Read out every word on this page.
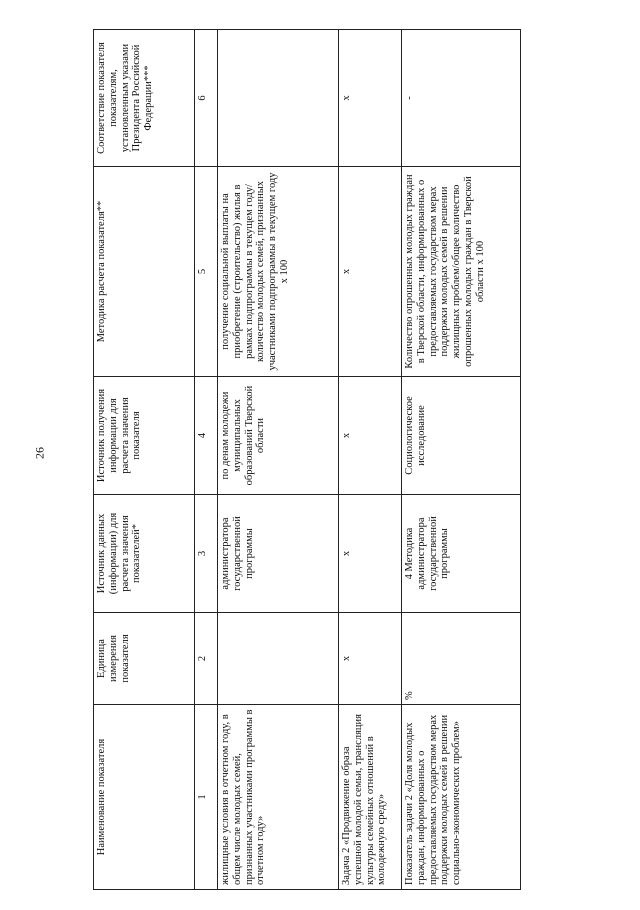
26
Наименование показателя	Единица измерения показателя	Источник данных (информации) для расчета значения показателей*	Источник получения информации для расчета значения показателя	Методика расчета показателя**	Соответствие показателя показателям, установленным указами Президента Российской Федерации***
1	2	3	4	5	6
жилищные условия в отчетном году, в общем числе молодых семей, признанных участниками программы в отчетном году»		администратора государственной программы	по денам молодежи муниципальных образований Тверской области	получение социальной выплаты на приобретение (строительство) жилья в рамках подпрограммы в текущем году/количество молодых семей, признанных участниками подпрограммы в текущем году х 100	
Задача 2 «Продвижение образа успешной молодой семьи, трансляция культуры семейных отношений в молодежную среду»	х	х	х	х	х
Показатель задачи 2 «Доля молодых граждан, информированных о предоставляемых государством мерах поддержки молодых семей в решении социально-экономических проблем»	%	4 Методика администратора государственной программы	Социологическое исследование	Количество опрошенных молодых граждан в Тверской области, информированных о предоставляемых государством мерах поддержки молодых семей в решении жилищных проблем/общее количество опрошенных молодых граждан в Тверской области х 100	-
